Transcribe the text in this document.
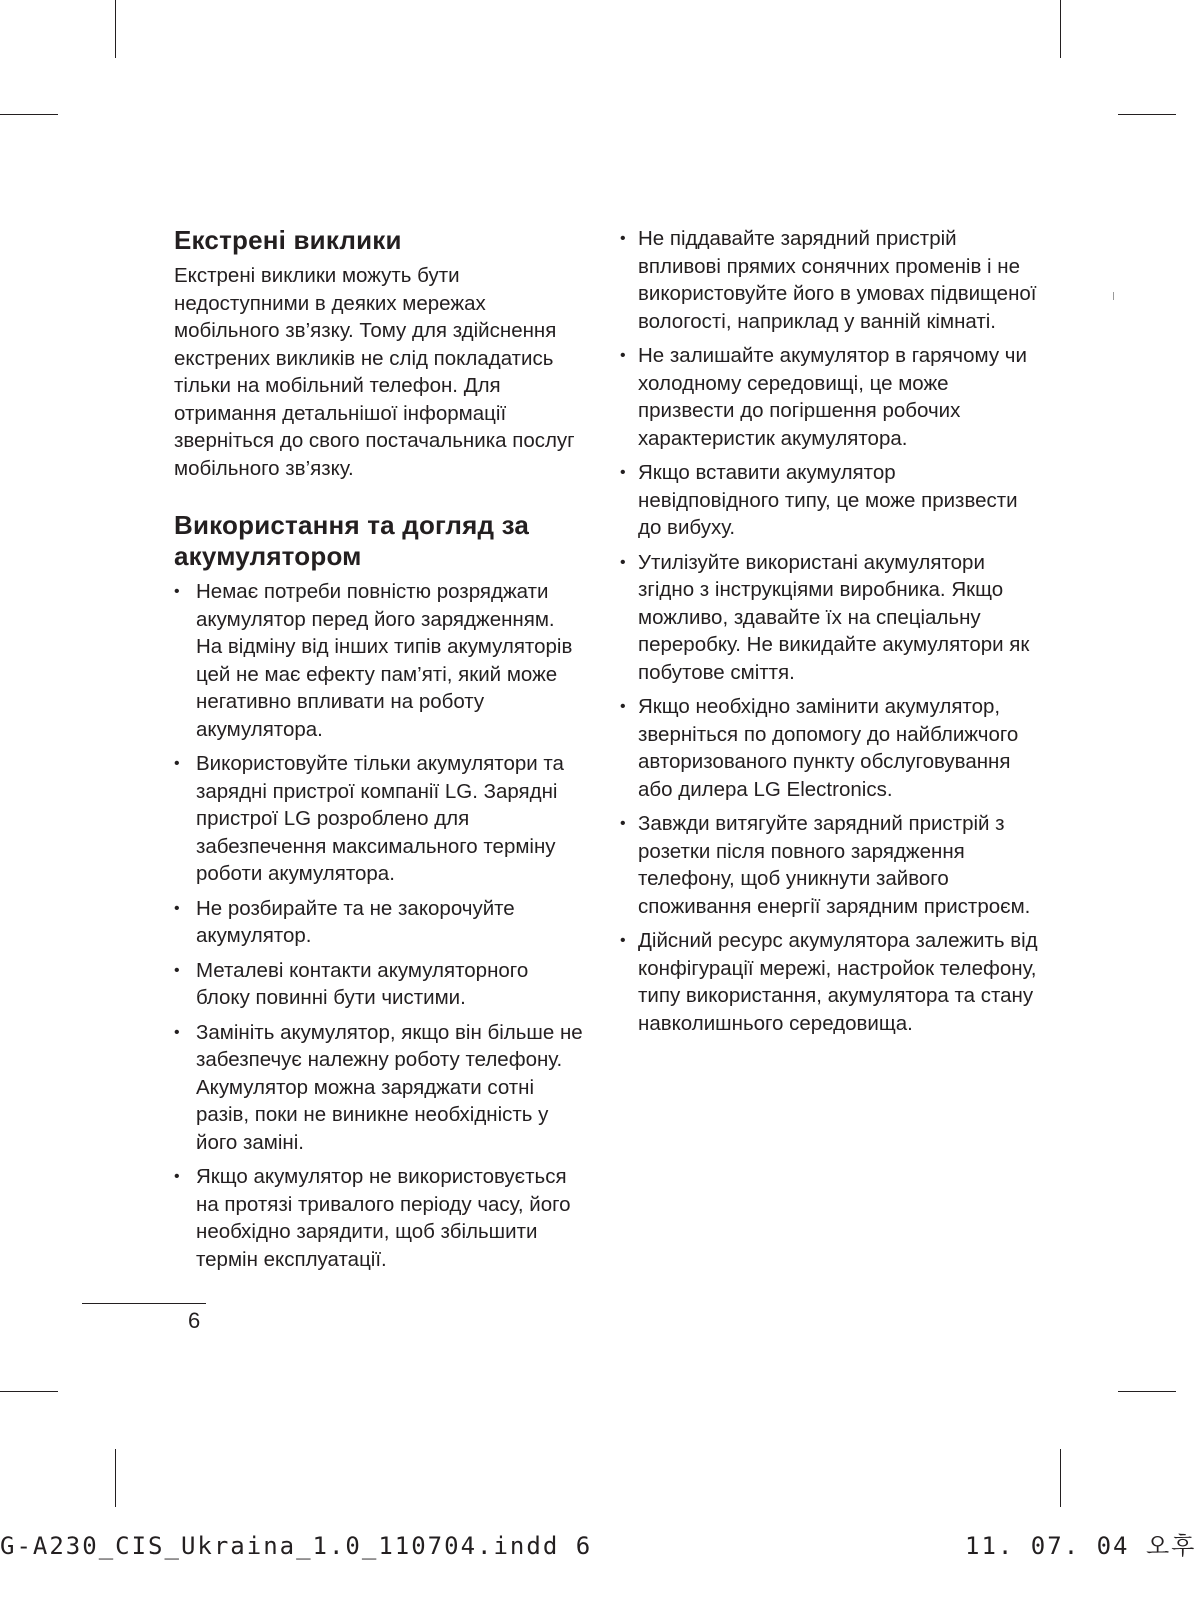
Екстрені виклики

Екстрені виклики можуть бути недоступними в деяких мережах мобільного зв’язку. Тому для здійснення екстрених викликів не слід покладатись тільки на мобільний телефон. Для отримання детальнішої інформації зверніться до свого постачальника послуг мобільного зв’язку.

Використання та догляд за акумулятором
• Немає потреби повністю розряджати акумулятор перед його зарядженням. На відміну від інших типів акумуляторів цей не має ефекту пам’яті, який може негативно впливати на роботу акумулятора.
• Використовуйте тільки акумулятори та зарядні пристрої компанії LG. Зарядні пристрої LG розроблено для забезпечення максимального терміну роботи акумулятора.
• Не розбирайте та не закорочуйте акумулятор.
• Металеві контакти акумуляторного блоку повинні бути чистими.
• Замініть акумулятор, якщо він більше не забезпечує належну роботу телефону. Акумулятор можна заряджати сотні разів, поки не виникне необхідність у його заміні.
• Якщо акумулятор не використовується на протязі тривалого періоду часу, його необхідно зарядити, щоб збільшити термін експлуатації.
• Не піддавайте зарядний пристрій впливові прямих сонячних променів і не використовуйте його в умовах підвищеної вологості, наприклад у ванній кімнаті.
• Не залишайте акумулятор в гарячому чи холодному середовищі, це може призвести до погіршення робочих характеристик акумулятора.
• Якщо вставити акумулятор невідповідного типу, це може призвести до вибуху.
• Утилізуйте використані акумулятори згідно з інструкціями виробника. Якщо можливо, здавайте їх на спеціальну переробку. Не викидайте акумулятори як побутове сміття.
• Якщо необхідно замінити акумулятор, зверніться по допомогу до найближчого авторизованого пункту обслуговування або дилера LG Electronics.
• Завжди витягуйте зарядний пристрій з розетки після повного зарядження телефону, щоб уникнути зайвого споживання енергії зарядним пристроєм.
• Дійсний ресурс акумулятора залежить від конфігурації мережі, настройок телефону, типу використання, акумулятора та стану навколишнього середовища.
6
G-A230_CIS_Ukraina_1.0_110704.indd 6	11. 07. 04 오후
